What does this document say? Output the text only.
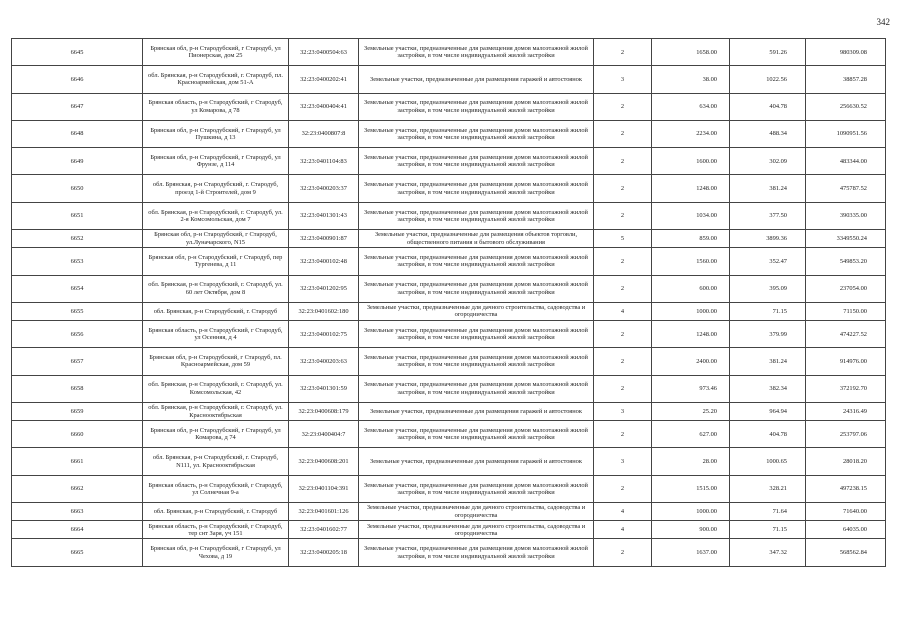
342
6645	Брянская обл, р-н Стародубский, г Стародуб, ул Пионерская, дом 25	32:23:0400504:63	Земельные участки, предназначенные для размещения домов малоэтажной жилой застройки, в том числе индивидуальной жилой застройки	2	1658.00	591.26	980309.08
6646	обл. Брянская, р-н Стародубский, г. Стародуб, пл. Красноармейская, дом 51-А	32:23:0400202:41	Земельные участки, предназначенные для размещения гаражей и автостоянок	3	38.00	1022.56	38857.28
6647	Брянская область, р-н Стародубский, г Стародуб, ул Комарова, д 78	32:23:0400404:41	Земельные участки, предназначенные для размещения домов малоэтажной жилой застройки, в том числе индивидуальной жилой застройки	2	634.00	404.78	256630.52
6648	Брянская обл, р-н Стародубский, г Стародуб, ул Пушкина, д 13	32:23:0400807:8	Земельные участки, предназначенные для размещения домов малоэтажной жилой застройки, в том числе индивидуальной жилой застройки	2	2234.00	488.34	1090951.56
6649	Брянская обл, р-н Стародубский, г Стародуб, ул Фрунзе, д 114	32:23:0401104:83	Земельные участки, предназначенные для размещения домов малоэтажной жилой застройки, в том числе индивидуальной жилой застройки	2	1600.00	302.09	483344.00
6650	обл. Брянская, р-н Стародубский, г. Стародуб, проезд 1-й Строителей, дом 9	32:23:0400203:37	Земельные участки, предназначенные для размещения домов малоэтажной жилой застройки, в том числе индивидуальной жилой застройки	2	1248.00	381.24	475787.52
6651	обл. Брянская, р-н Стародубский, г. Стародуб, ул. 2-я Комсомольская, дом 7	32:23:0401301:43	Земельные участки, предназначенные для размещения домов малоэтажной жилой застройки, в том числе индивидуальной жилой застройки	2	1034.00	377.50	390335.00
6652	Брянская обл, р-н Стародубский, г Стародуб, ул.Луначарского, N15	32:23:0400901:87	Земельные участки, предназначенные для размещения объектов торговли, общественного питания и бытового обслуживания	5	859.00	3899.36	3349550.24
6653	Брянская обл, р-н Стародубский, г Стародуб, пер Тургенева, д 11	32:23:0400102:48	Земельные участки, предназначенные для размещения домов малоэтажной жилой застройки, в том числе индивидуальной жилой застройки	2	1560.00	352.47	549853.20
6654	обл. Брянская, р-н Стародубский, г. Стародуб, ул. 60 лет Октября, дом 8	32:23:0401202:95	Земельные участки, предназначенные для размещения домов малоэтажной жилой застройки, в том числе индивидуальной жилой застройки	2	600.00	395.09	237054.00
6655	обл. Брянская, р-н Стародубский, г. Стародуб	32:23:0401602:180	Земельные участки, предназначенные для дачного строительства, садоводства и огородничества	4	1000.00	71.15	71150.00
6656	Брянская область, р-н Стародубский, г Стародуб, ул Осенняя, д 4	32:23:0400102:75	Земельные участки, предназначенные для размещения домов малоэтажной жилой застройки, в том числе индивидуальной жилой застройки	2	1248.00	379.99	474227.52
6657	Брянская обл, р-н Стародубский, г Стародуб, пл. Красноармейская, дом 59	32:23:0400203:63	Земельные участки, предназначенные для размещения домов малоэтажной жилой застройки, в том числе индивидуальной жилой застройки	2	2400.00	381.24	914976.00
6658	обл. Брянская, р-н Стародубский, г. Стародуб, ул. Комсомольская, 42	32:23:0401301:59	Земельные участки, предназначенные для размещения домов малоэтажной жилой застройки, в том числе индивидуальной жилой застройки	2	973.46	382.34	372192.70
6659	обл. Брянская, р-н Стародубский, г. Стародуб, ул. Краснооктябрьская	32:23:0400608:179	Земельные участки, предназначенные для размещения гаражей и автостоянок	3	25.20	964.94	24316.49
6660	Брянская обл, р-н Стародубский, г Стародуб, ул Комарова, д 74	32:23:0400404:7	Земельные участки, предназначенные для размещения домов малоэтажной жилой застройки, в том числе индивидуальной жилой застройки	2	627.00	404.78	253797.06
6661	обл. Брянская, р-н Стародубский, г. Стародуб, N111, ул. Краснооктябрьская	32:23:0400608:201	Земельные участки, предназначенные для размещения гаражей и автостоянок	3	28.00	1000.65	28018.20
6662	Брянская область, р-н Стародубский, г Стародуб, ул Солнечная 9-а	32:23:0401104:391	Земельные участки, предназначенные для размещения домов малоэтажной жилой застройки, в том числе индивидуальной жилой застройки	2	1515.00	328.21	497238.15
6663	обл. Брянская, р-н Стародубский, г. Стародуб	32:23:0401601:126	Земельные участки, предназначенные для дачного строительства, садоводства и огородничества	4	1000.00	71.64	71640.00
6664	Брянская область, р-н Стародубский, г Стародуб, тер снт Заря, уч 151	32:23:0401602:77	Земельные участки, предназначенные для дачного строительства, садоводства и огородничества	4	900.00	71.15	64035.00
6665	Брянская обл, р-н Стародубский, г Стародуб, ул Чехова, д 19	32:23:0400205:18	Земельные участки, предназначенные для размещения домов малоэтажной жилой застройки, в том числе индивидуальной жилой застройки	2	1637.00	347.32	568562.84
